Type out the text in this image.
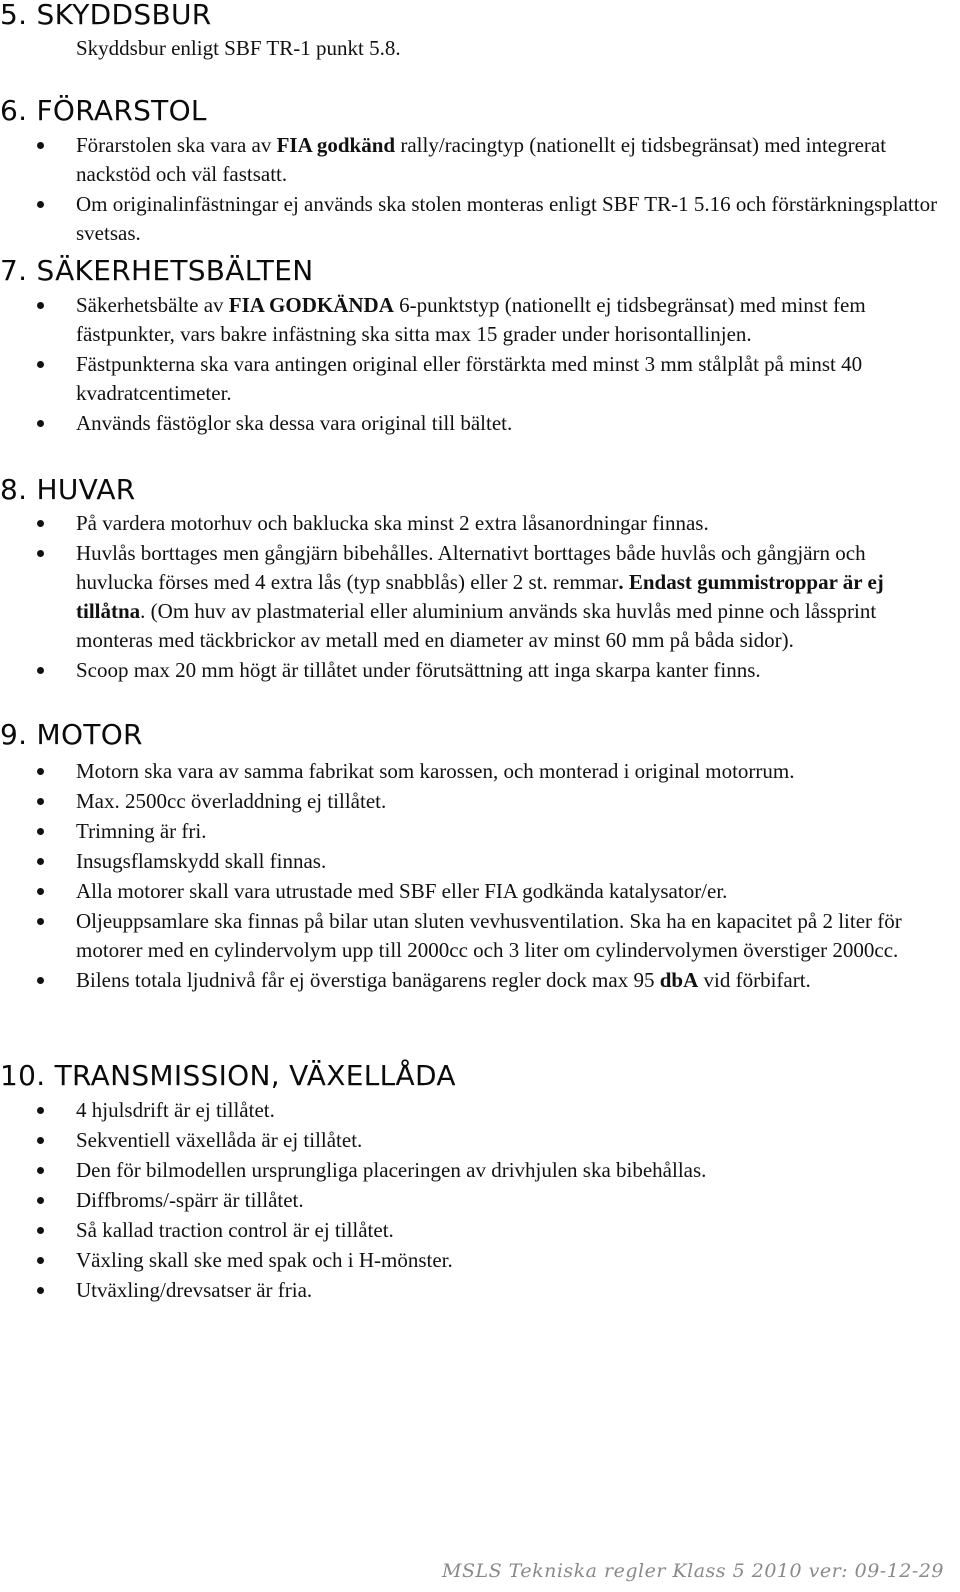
5. SKYDDSBUR
Skyddsbur enligt SBF TR-1 punkt 5.8.
6. FÖRARSTOL
Förarstolen ska vara av FIA godkänd rally/racingtyp (nationellt ej tidsbegränsat) med integrerat nackstöd och väl fastsatt.
Om originalinfästningar ej används ska stolen monteras enligt SBF TR-1 5.16 och förstärkningsplattor svetsas.
7. SÄKERHETSBÄLTEN
Säkerhetsbälte av FIA GODKÄNDA 6-punktstyp (nationellt ej tidsbegränsat) med minst fem fästpunkter, vars bakre infästning ska sitta max 15 grader under horisontallinjen.
Fästpunkterna ska vara antingen original eller förstärkta med minst 3 mm stålplåt på minst 40 kvadratcentimeter.
Används fästöglor ska dessa vara original till bältet.
8. HUVAR
På vardera motorhuv och baklucka ska minst 2 extra låsanordningar finnas.
Huvlås borttages men gångjärn bibehålles. Alternativt borttages både huvlås och gångjärn och huvlucka förses med 4 extra lås (typ snabblås) eller 2 st. remmar. Endast gummistroppar är ej tillåtna. (Om huv av plastmaterial eller aluminium används ska huvlås med pinne och låssprint monteras med täckbrickor av metall med en diameter av minst 60 mm på båda sidor).
Scoop max 20 mm högt är tillåtet under förutsättning att inga skarpa kanter finns.
9. MOTOR
Motorn ska vara av samma fabrikat som karossen, och monterad i original motorrum.
Max. 2500cc överladdning ej tillåtet.
Trimning är fri.
Insugsflamskydd skall finnas.
Alla motorer skall vara utrustade med SBF eller FIA godkända katalysator/er.
Oljeuppsamlare ska finnas på bilar utan sluten vevhusventilation. Ska ha en kapacitet på 2 liter för motorer med en cylindervolym upp till 2000cc och 3 liter om cylindervolymen överstiger 2000cc.
Bilens totala ljudnivå får ej överstiga banägarens regler dock max 95 dbA vid förbifart.
10. TRANSMISSION, VÄXELLÅDA
4 hjulsdrift är ej tillåtet.
Sekventiell växellåda är ej tillåtet.
Den för bilmodellen ursprungliga placeringen av drivhjulen ska bibehållas.
Diffbroms/-spärr är tillåtet.
Så kallad traction control är ej tillåtet.
Växling skall ske med spak och i H-mönster.
Utväxling/drevsatser är fria.
MSLS Tekniska regler Klass 5 2010 ver: 09-12-29
